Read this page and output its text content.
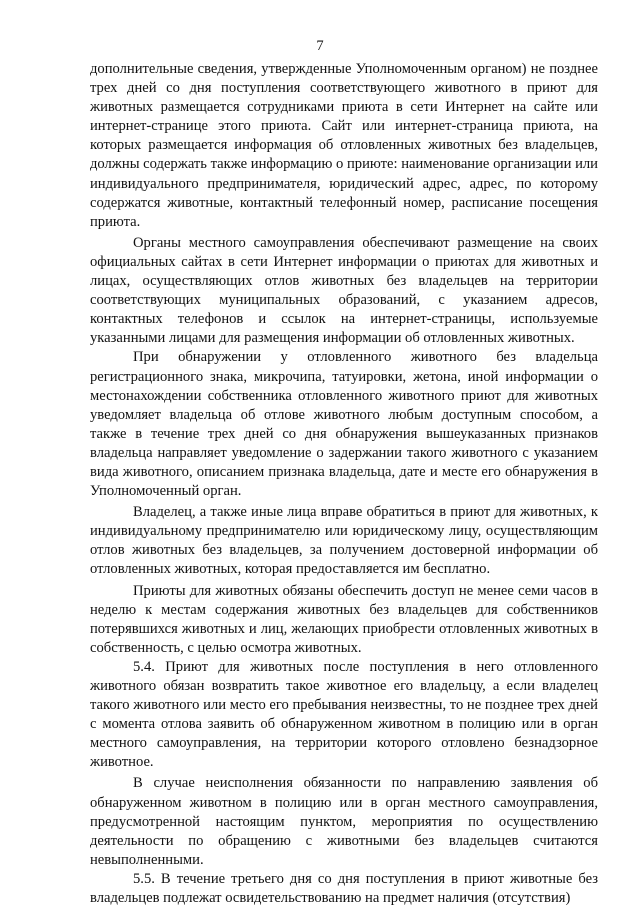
7

дополнительные сведения, утвержденные Уполномоченным органом) не позднее трех дней со дня поступления соответствующего животного в приют для животных размещается сотрудниками приюта в сети Интернет на сайте или интернет-странице этого приюта. Сайт или интернет-страница приюта, на которых размещается информация об отловленных животных без владельцев, должны содержать также информацию о приюте: наименование организации или индивидуального предпринимателя, юридический адрес, адрес, по которому содержатся животные, контактный телефонный номер, расписание посещения приюта.

Органы местного самоуправления обеспечивают размещение на своих официальных сайтах в сети Интернет информации о приютах для животных и лицах, осуществляющих отлов животных без владельцев на территории соответствующих муниципальных образований, с указанием адресов, контактных телефонов и ссылок на интернет-страницы, используемые указанными лицами для размещения информации об отловленных животных.

При обнаружении у отловленного животного без владельца регистрационного знака, микрочипа, татуировки, жетона, иной информации о местонахождении собственника отловленного животного приют для животных уведомляет владельца об отлове животного любым доступным способом, а также в течение трех дней со дня обнаружения вышеуказанных признаков владельца направляет уведомление о задержании такого животного с указанием вида животного, описанием признака владельца, дате и месте его обнаружения в Уполномоченный орган.

Владелец, а также иные лица вправе обратиться в приют для животных, к индивидуальному предпринимателю или юридическому лицу, осуществляющим отлов животных без владельцев, за получением достоверной информации об отловленных животных, которая предоставляется им бесплатно.

Приюты для животных обязаны обеспечить доступ не менее семи часов в неделю к местам содержания животных без владельцев для собственников потерявшихся животных и лиц, желающих приобрести отловленных животных в собственность, с целью осмотра животных.

5.4. Приют для животных после поступления в него отловленного животного обязан возвратить такое животное его владельцу, а если владелец такого животного или место его пребывания неизвестны, то не позднее трех дней с момента отлова заявить об обнаруженном животном в полицию или в орган местного самоуправления, на территории которого отловлено безнадзорное животное.

В случае неисполнения обязанности по направлению заявления об обнаруженном животном в полицию или в орган местного самоуправления, предусмотренной настоящим пунктом, мероприятия по осуществлению деятельности по обращению с животными без владельцев считаются невыполненными.

5.5. В течение третьего дня со дня поступления в приют животные без владельцев подлежат освидетельствованию на предмет наличия (отсутствия)
